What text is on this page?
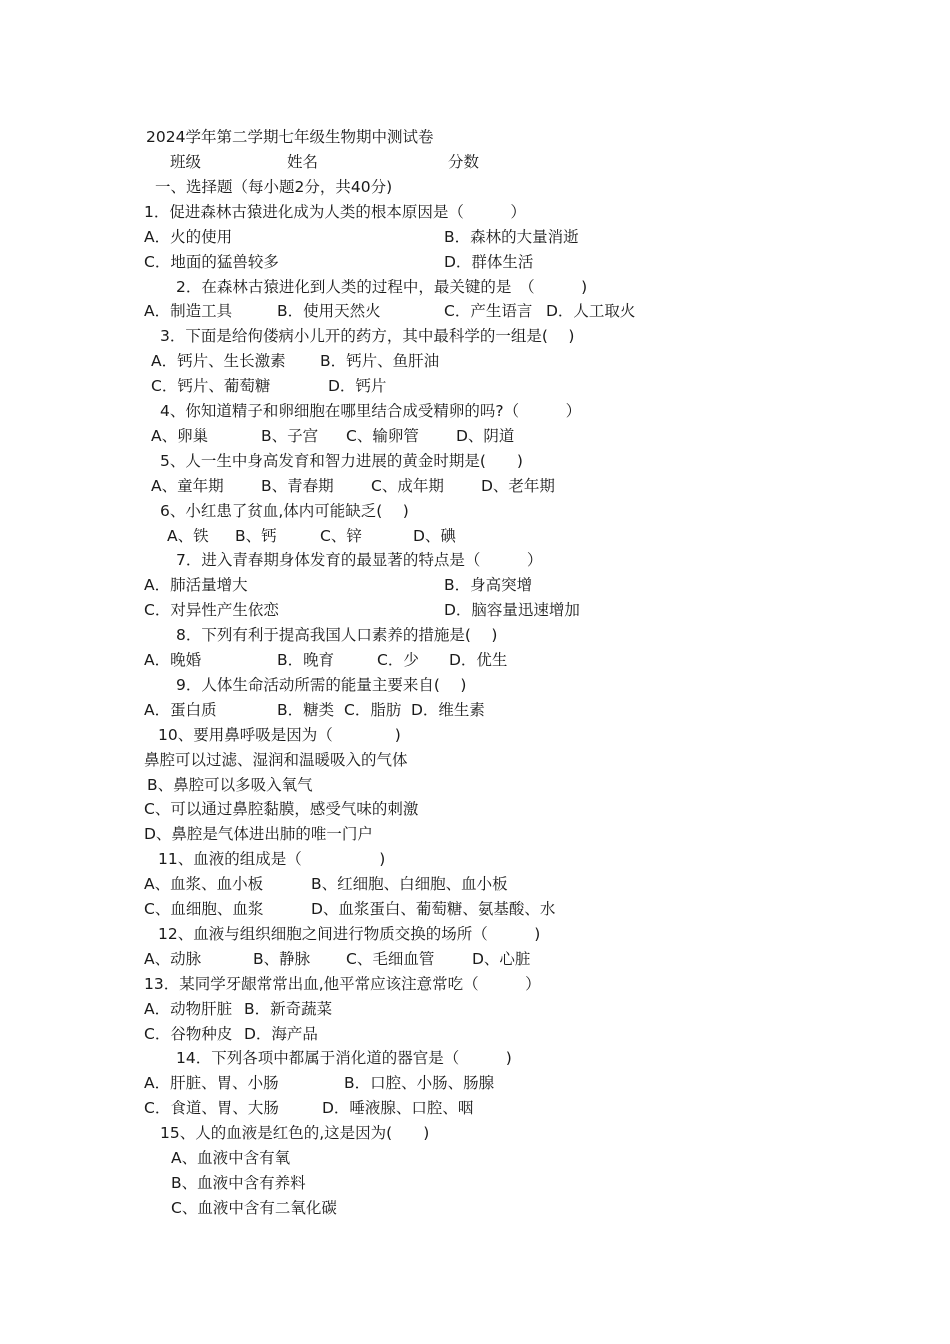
2024学年第二学期七年级生物期中测试卷
班级	姓名	分数
一、选择题（每小题2分，共40分)
1．促进森林古猿进化成为人类的根本原因是（　　　）
A．火的使用	B．森林的大量消逝
C．地面的猛兽较多	D．群体生活
2．在森林古猿进化到人类的过程中，最关键的是　（　　　)
A．制造工具	B．使用天然火	C．产生语言 D．人工取火
3．下面是给佝偻病小儿开的药方，其中最科学的一组是(　 )
A．钙片、生长激素 B．钙片、鱼肝油
C．钙片、葡萄糖	D．钙片
4、你知道精子和卵细胞在哪里结合成受精卵的吗?（　　　）
A、卵巢	B、子宫 C、输卵管 D、阴道
5、人一生中身高发育和智力进展的黄金时期是(　　)
A、童年期 B、青春期 C、成年期 D、老年期
6、小红患了贫血,体内可能缺乏(　 )
A、铁 B、钙	C、锌	D、碘
7．进入青春期身体发育的最显著的特点是（　　　）
A．肺活量增大	B．身高突增
C．对异性产生依恋	D．脑容量迅速增加
8．下列有利于提高我国人口素养的措施是(　 )
A．晚婚	B．晚育	C．少 D．优生
9．人体生命活动所需的能量主要来自(　 )
A．蛋白质	B．糖类 C．脂肪 D．维生素
10、要用鼻呼吸是因为（　　　　)
鼻腔可以过滤、湿润和温暖吸入的气体
B、鼻腔可以多吸入氧气
C、可以通过鼻腔黏膜，感受气味的刺激
D、鼻腔是气体进出肺的唯一门户
11、血液的组成是（　　　　　)
A、血浆、血小板	B、红细胞、白细胞、血小板
C、血细胞、血浆	D、血浆蛋白、葡萄糖、氨基酸、水
12、血液与组织细胞之间进行物质交换的场所（　　　)
A、动脉	B、静脉 C、毛细血管 D、心脏
13．某同学牙龈常常出血,他平常应该注意常吃（　　　）
A．动物肝脏 B．新奇蔬菜
C．谷物种皮 D．海产品
14．下列各项中都属于消化道的器官是（　　　)
A．肝脏、胃、小肠	B．口腔、小肠、肠腺
C．食道、胃、大肠	D．唾液腺、口腔、咽
15、人的血液是红色的,这是因为(　　)
A、血液中含有氧
B、血液中含有养料
C、血液中含有二氧化碳
